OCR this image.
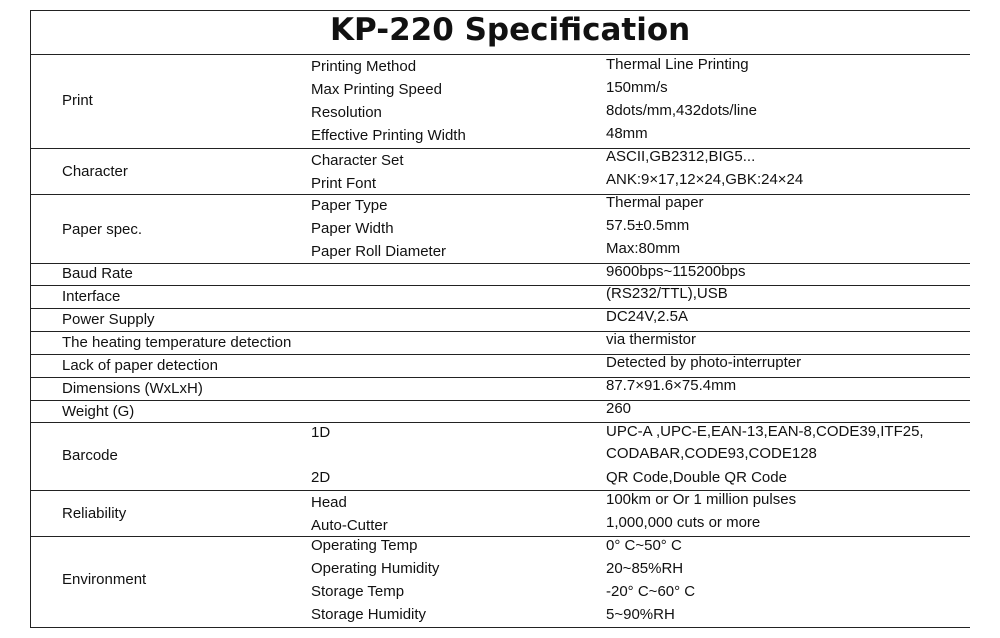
KP-220 Specification
Print
Printing Method	Thermal Line Printing
Max Printing Speed	150mm/s
Resolution	8dots/mm,432dots/line
Effective Printing Width	48mm
Character
Character Set	ASCII,GB2312,BIG5...
Print Font	ANK:9×17,12×24,GBK:24×24
Paper spec.
Paper Type	Thermal paper
Paper Width	57.5±0.5mm
Paper Roll Diameter	Max:80mm
Baud Rate	9600bps~115200bps
Interface	(RS232/TTL),USB
Power Supply	DC24V,2.5A
The heating temperature detection	via thermistor
Lack of paper detection	Detected by photo-interrupter
Dimensions (WxLxH)	87.7×91.6×75.4mm
Weight (G)	260
Barcode
1D	UPC-A ,UPC-E,EAN-13,EAN-8,CODE39,ITF25,
CODABAR,CODE93,CODE128
2D	QR Code,Double QR Code
Reliability
Head	100km or Or 1 million pulses
Auto-Cutter	1,000,000 cuts or more
Environment
Operating Temp	0° C~50° C
Operating Humidity	20~85%RH
Storage Temp	-20° C~60° C
Storage Humidity	5~90%RH
